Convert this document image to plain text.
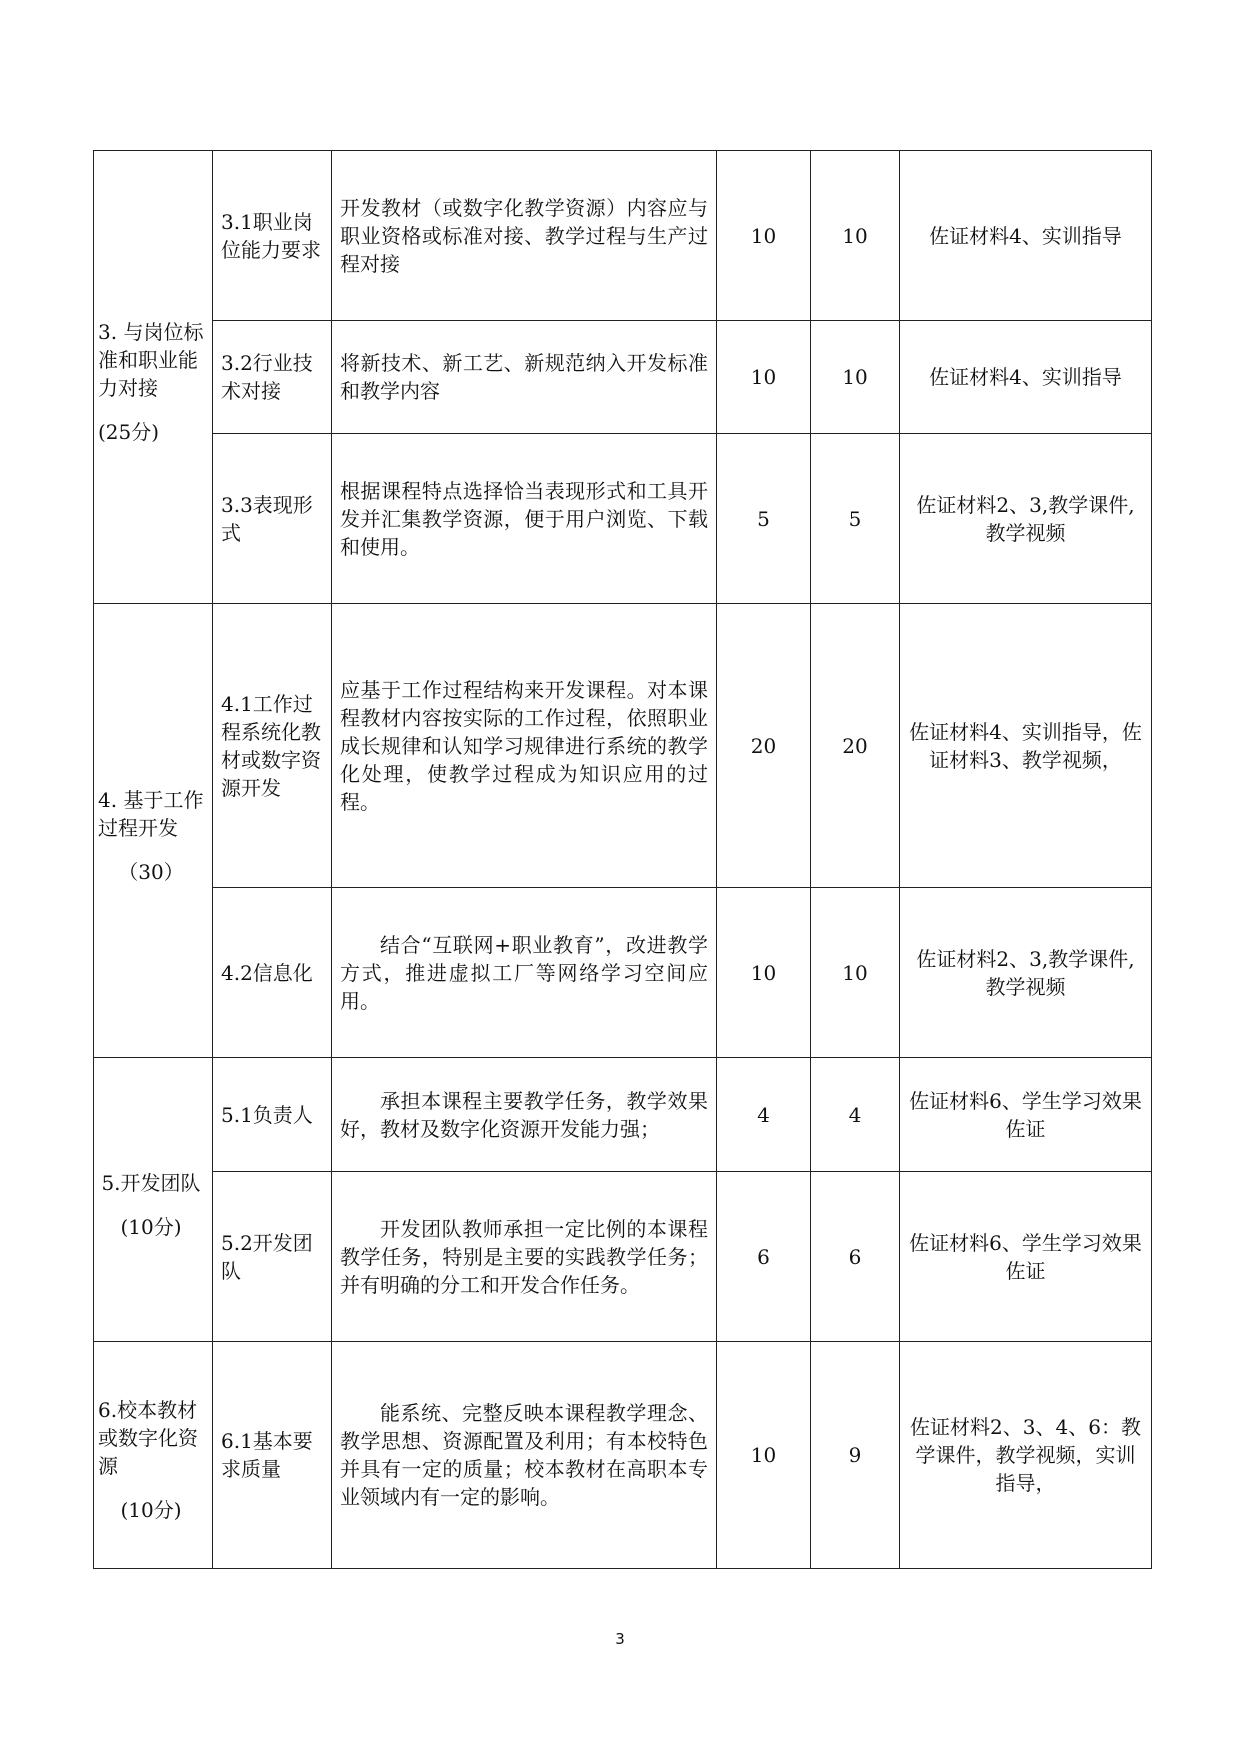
3. 与岗位标准和职业能力对接
(25分)	3.1职业岗位能力要求	开发教材（或数字化教学资源）内容应与职业资格或标准对接、教学过程与生产过程对接	10	10	佐证材料4、实训指导
	3.2行业技术对接	将新技术、新工艺、新规范纳入开发标准和教学内容	10	10	佐证材料4、实训指导
	3.3表现形式	根据课程特点选择恰当表现形式和工具开发并汇集教学资源，便于用户浏览、下载和使用。	5	5	佐证材料2、3,教学课件,教学视频

4. 基于工作过程开发
（30）	4.1工作过程系统化教材或数字资源开发	应基于工作过程结构来开发课程。对本课程教材内容按实际的工作过程，依照职业成长规律和认知学习规律进行系统的教学化处理，使教学过程成为知识应用的过程。	20	20	佐证材料4、实训指导，佐证材料3、教学视频，
	4.2信息化	结合“互联网+职业教育”，改进教学方式，推进虚拟工厂等网络学习空间应用。	10	10	佐证材料2、3,教学课件,教学视频

5.开发团队
(10分)	5.1负责人	承担本课程主要教学任务，教学效果好，教材及数字化资源开发能力强；	4	4	佐证材料6、学生学习效果佐证
	5.2开发团队	开发团队教师承担一定比例的本课程教学任务，特别是主要的实践教学任务；并有明确的分工和开发合作任务。	6	6	佐证材料6、学生学习效果佐证

6.校本教材或数字化资源
(10分)	6.1基本要求质量	能系统、完整反映本课程教学理念、教学思想、资源配置及利用；有本校特色并具有一定的质量；校本教材在高职本专业领域内有一定的影响。	10	9	佐证材料2、3、4、6：教学课件，教学视频，实训指导，
3
